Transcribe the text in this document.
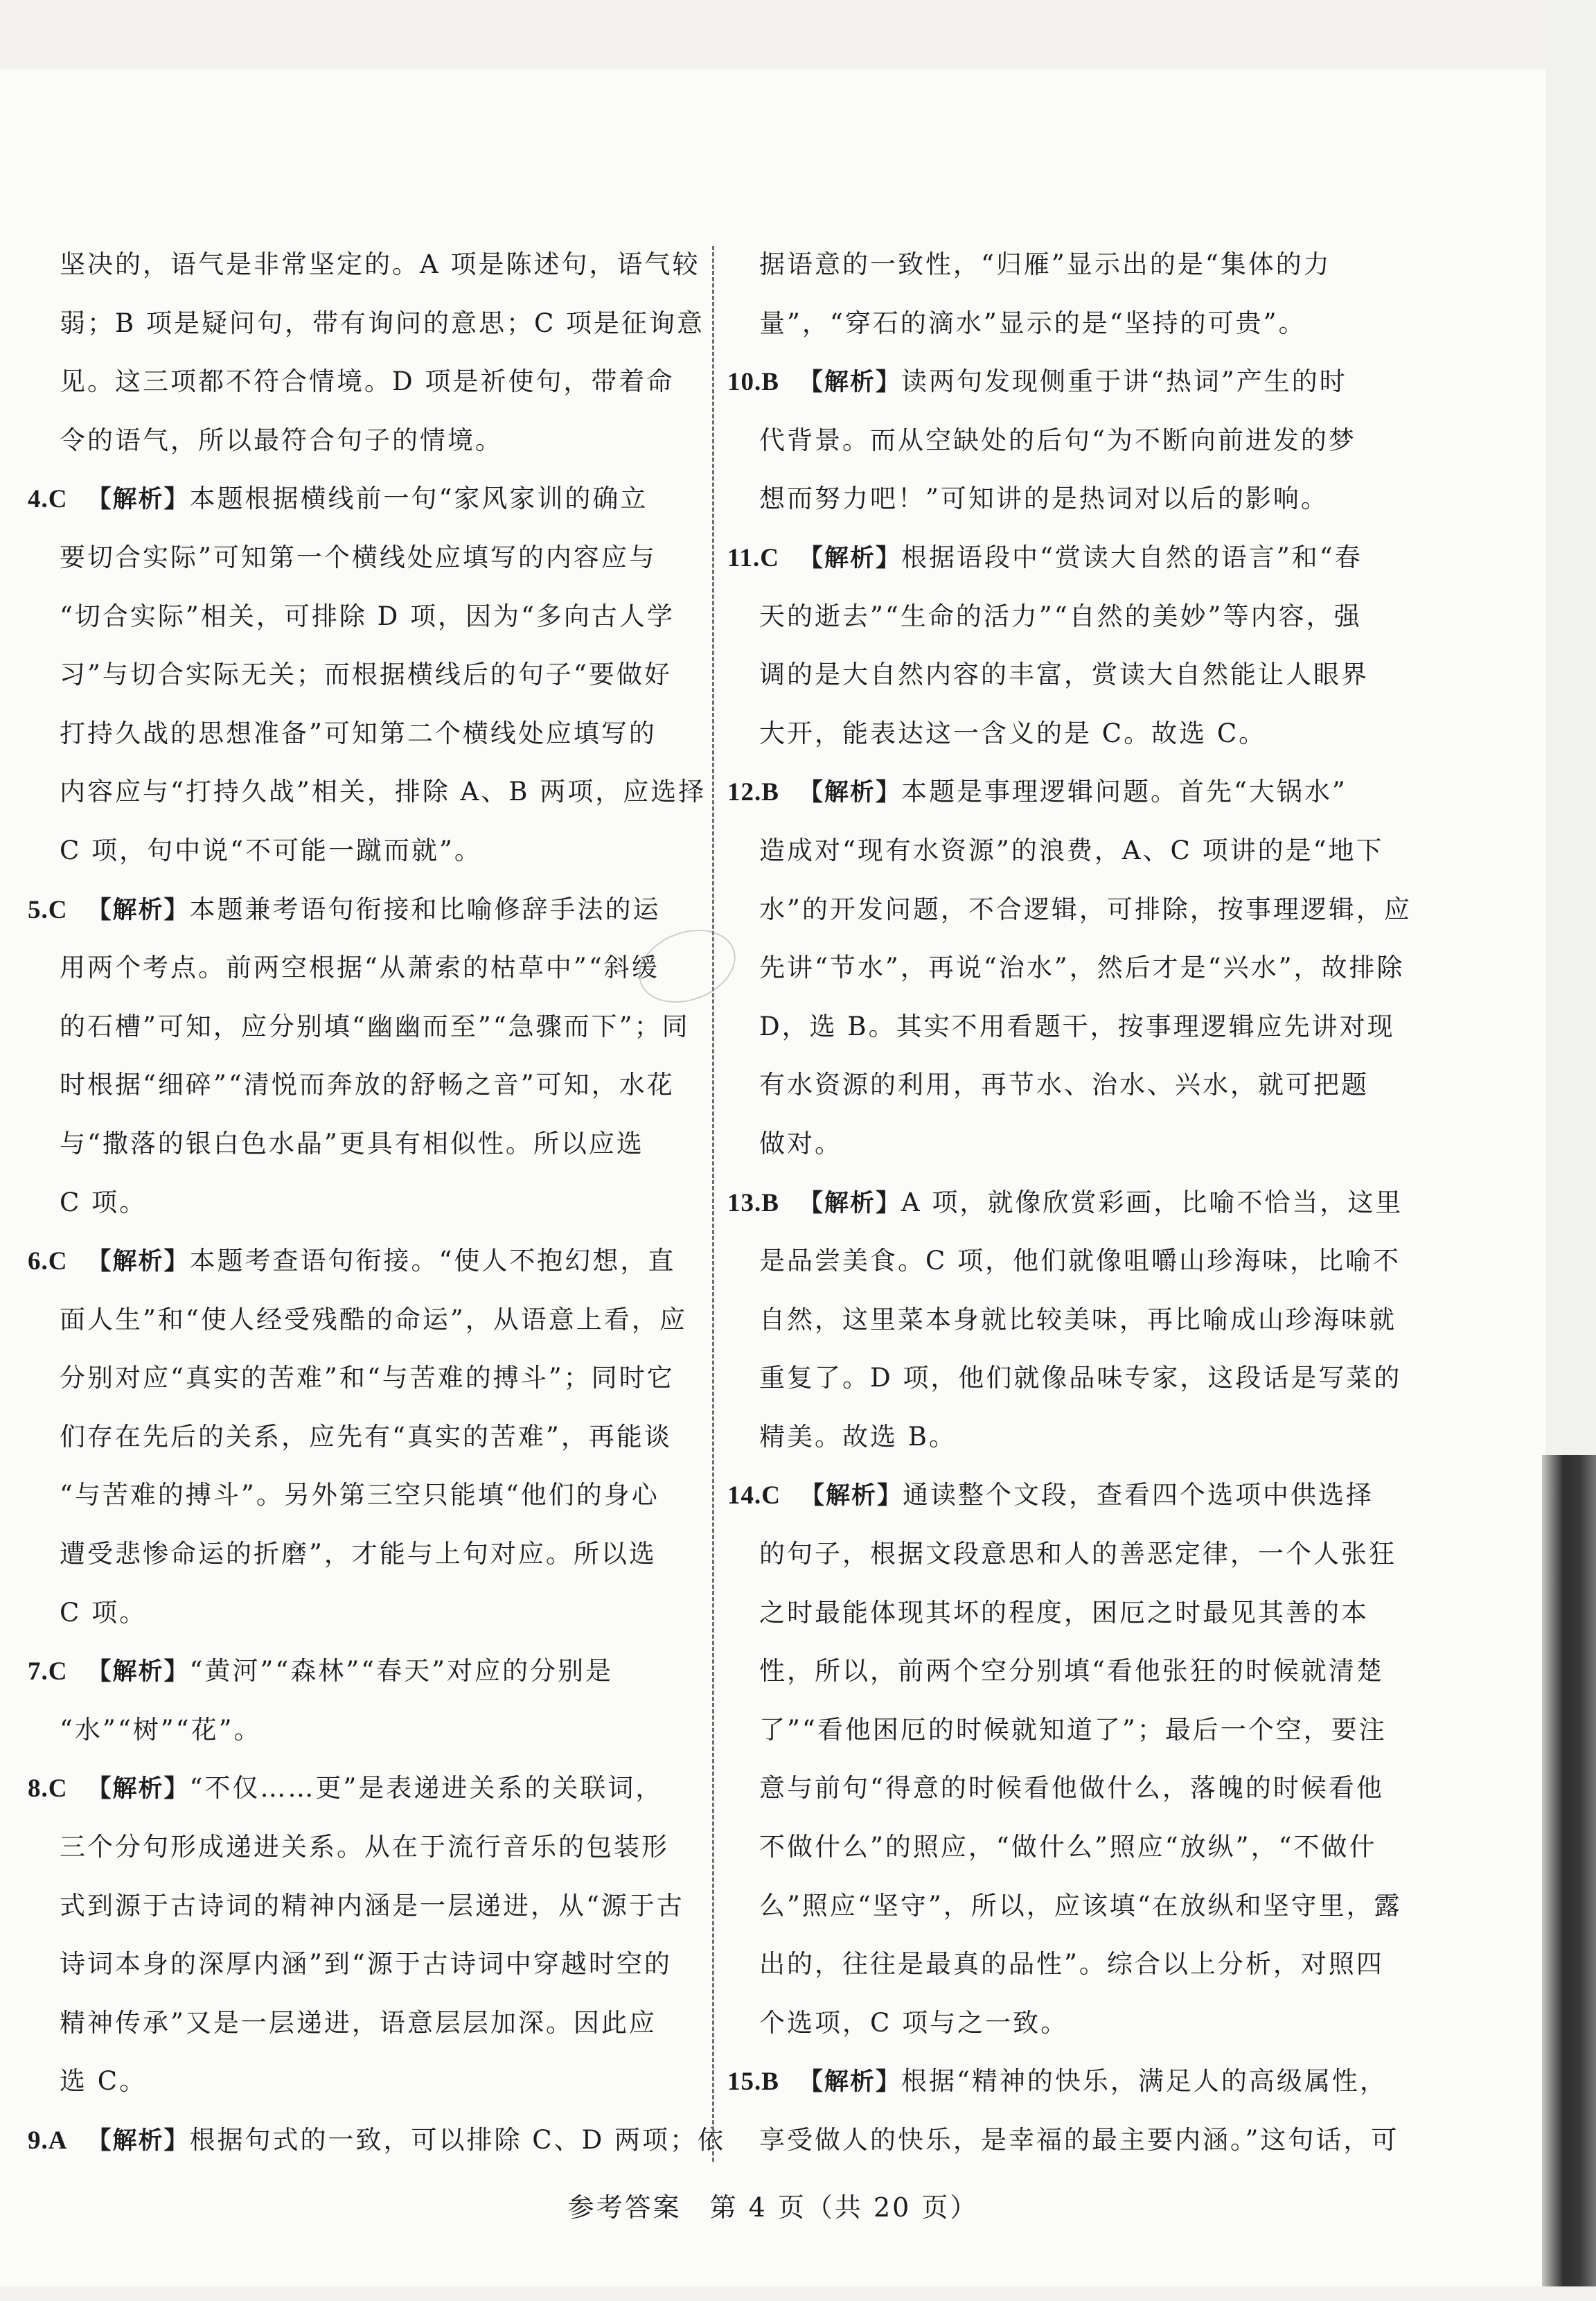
坚决的，语气是非常坚定的。A 项是陈述句，语气较
弱；B 项是疑问句，带有询问的意思；C 项是征询意
见。这三项都不符合情境。D 项是祈使句，带着命
令的语气，所以最符合句子的情境。
4.C 【解析】本题根据横线前一句“家风家训的确立
要切合实际”可知第一个横线处应填写的内容应与
“切合实际”相关，可排除 D 项，因为“多向古人学
习”与切合实际无关；而根据横线后的句子“要做好
打持久战的思想准备”可知第二个横线处应填写的
内容应与“打持久战”相关，排除 A、B 两项，应选择
C 项，句中说“不可能一蹴而就”。
5.C 【解析】本题兼考语句衔接和比喻修辞手法的运
用两个考点。前两空根据“从萧索的枯草中”“斜缓
的石槽”可知，应分别填“幽幽而至”“急骤而下”；同
时根据“细碎”“清悦而奔放的舒畅之音”可知，水花
与“撒落的银白色水晶”更具有相似性。所以应选
C 项。
6.C 【解析】本题考查语句衔接。“使人不抱幻想，直
面人生”和“使人经受残酷的命运”，从语意上看，应
分别对应“真实的苦难”和“与苦难的搏斗”；同时它
们存在先后的关系，应先有“真实的苦难”，再能谈
“与苦难的搏斗”。另外第三空只能填“他们的身心
遭受悲惨命运的折磨”，才能与上句对应。所以选
C 项。
7.C 【解析】“黄河”“森林”“春天”对应的分别是
“水”“树”“花”。
8.C 【解析】“不仅……更”是表递进关系的关联词，
三个分句形成递进关系。从在于流行音乐的包装形
式到源于古诗词的精神内涵是一层递进，从“源于古
诗词本身的深厚内涵”到“源于古诗词中穿越时空的
精神传承”又是一层递进，语意层层加深。因此应
选 C。
9.A 【解析】根据句式的一致，可以排除 C、D 两项；依
据语意的一致性，“归雁”显示出的是“集体的力
量”，“穿石的滴水”显示的是“坚持的可贵”。
10.B 【解析】读两句发现侧重于讲“热词”产生的时
代背景。而从空缺处的后句“为不断向前进发的梦
想而努力吧！”可知讲的是热词对以后的影响。
11.C 【解析】根据语段中“赏读大自然的语言”和“春
天的逝去”“生命的活力”“自然的美妙”等内容，强
调的是大自然内容的丰富，赏读大自然能让人眼界
大开，能表达这一含义的是 C。故选 C。
12.B 【解析】本题是事理逻辑问题。首先“大锅水”
造成对“现有水资源”的浪费，A、C 项讲的是“地下
水”的开发问题，不合逻辑，可排除，按事理逻辑，应
先讲“节水”，再说“治水”，然后才是“兴水”，故排除
D，选 B。其实不用看题干，按事理逻辑应先讲对现
有水资源的利用，再节水、治水、兴水，就可把题
做对。
13.B 【解析】A 项，就像欣赏彩画，比喻不恰当，这里
是品尝美食。C 项，他们就像咀嚼山珍海味，比喻不
自然，这里菜本身就比较美味，再比喻成山珍海味就
重复了。D 项，他们就像品味专家，这段话是写菜的
精美。故选 B。
14.C 【解析】通读整个文段，查看四个选项中供选择
的句子，根据文段意思和人的善恶定律，一个人张狂
之时最能体现其坏的程度，困厄之时最见其善的本
性，所以，前两个空分别填“看他张狂的时候就清楚
了”“看他困厄的时候就知道了”；最后一个空，要注
意与前句“得意的时候看他做什么，落魄的时候看他
不做什么”的照应，“做什么”照应“放纵”，“不做什
么”照应“坚守”，所以，应该填“在放纵和坚守里，露
出的，往往是最真的品性”。综合以上分析，对照四
个选项，C 项与之一致。
15.B 【解析】根据“精神的快乐，满足人的高级属性，
享受做人的快乐，是幸福的最主要内涵。”这句话，可
参考答案　第 4 页（共 20 页）
